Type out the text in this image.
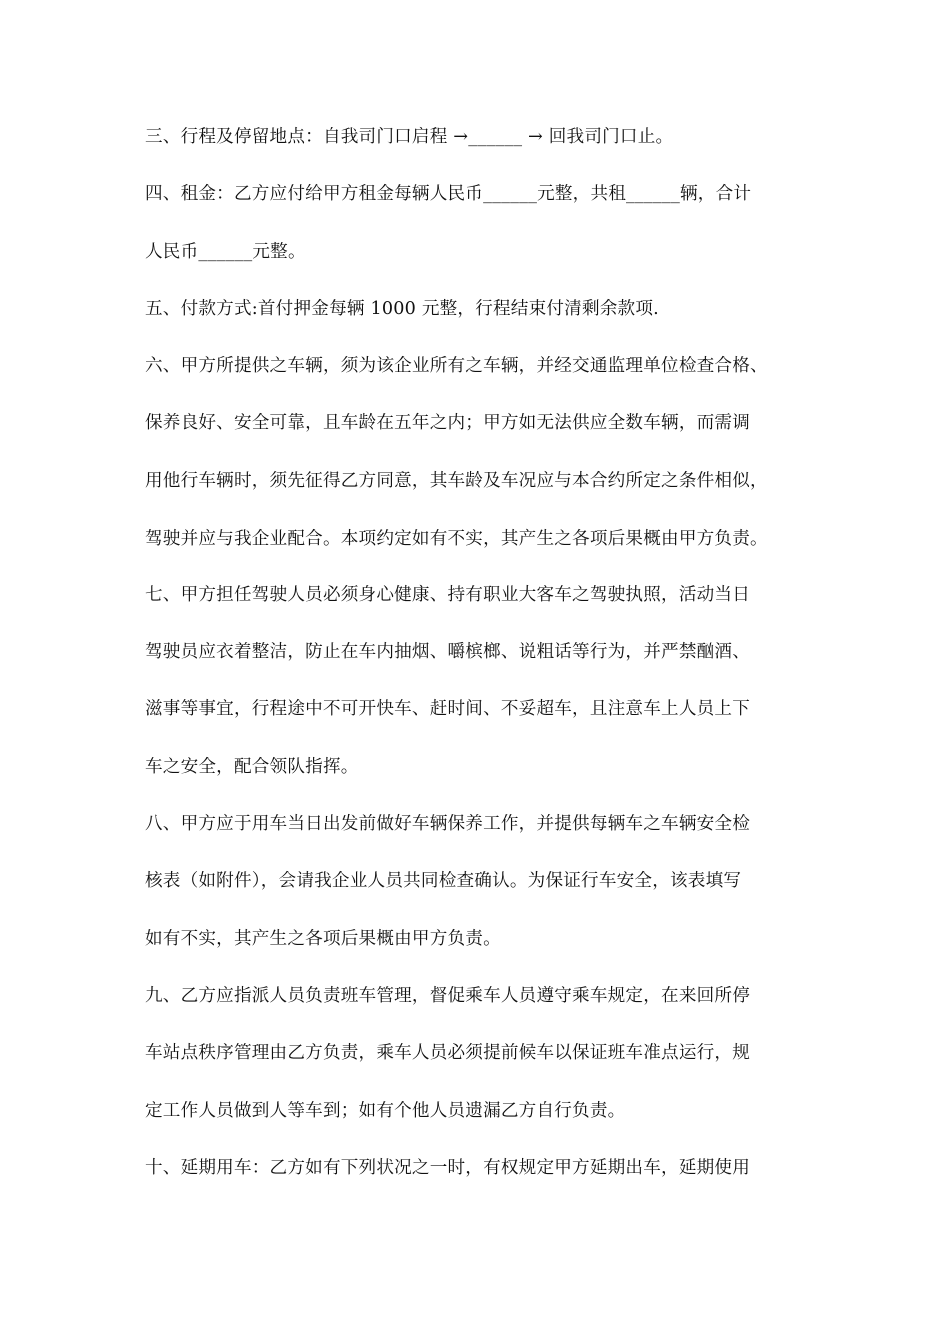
三、行程及停留地点：自我司门口启程 →______ → 回我司门口止。
四、租金：乙方应付给甲方租金每辆人民币______元整，共租______辆，合计
人民币______元整。
五、付款方式:首付押金每辆 1000 元整，行程结束付清剩余款项.
六、甲方所提供之车辆，须为该企业所有之车辆，并经交通监理单位检查合格、
保养良好、安全可靠，且车龄在五年之内；甲方如无法供应全数车辆，而需调
用他行车辆时，须先征得乙方同意，其车龄及车况应与本合约所定之条件相似，
驾驶并应与我企业配合。本项约定如有不实，其产生之各项后果概由甲方负责。
七、甲方担任驾驶人员必须身心健康、持有职业大客车之驾驶执照，活动当日
驾驶员应衣着整洁，防止在车内抽烟、嚼槟榔、说粗话等行为，并严禁酗酒、
滋事等事宜，行程途中不可开快车、赶时间、不妥超车，且注意车上人员上下
车之安全，配合领队指挥。
八、甲方应于用车当日出发前做好车辆保养工作，并提供每辆车之车辆安全检
核表（如附件），会请我企业人员共同检查确认。为保证行车安全，该表填写
如有不实，其产生之各项后果概由甲方负责。
九、乙方应指派人员负责班车管理，督促乘车人员遵守乘车规定，在来回所停
车站点秩序管理由乙方负责，乘车人员必须提前候车以保证班车准点运行，规
定工作人员做到人等车到；如有个他人员遗漏乙方自行负责。
十、延期用车：乙方如有下列状况之一时，有权规定甲方延期出车，延期使用
